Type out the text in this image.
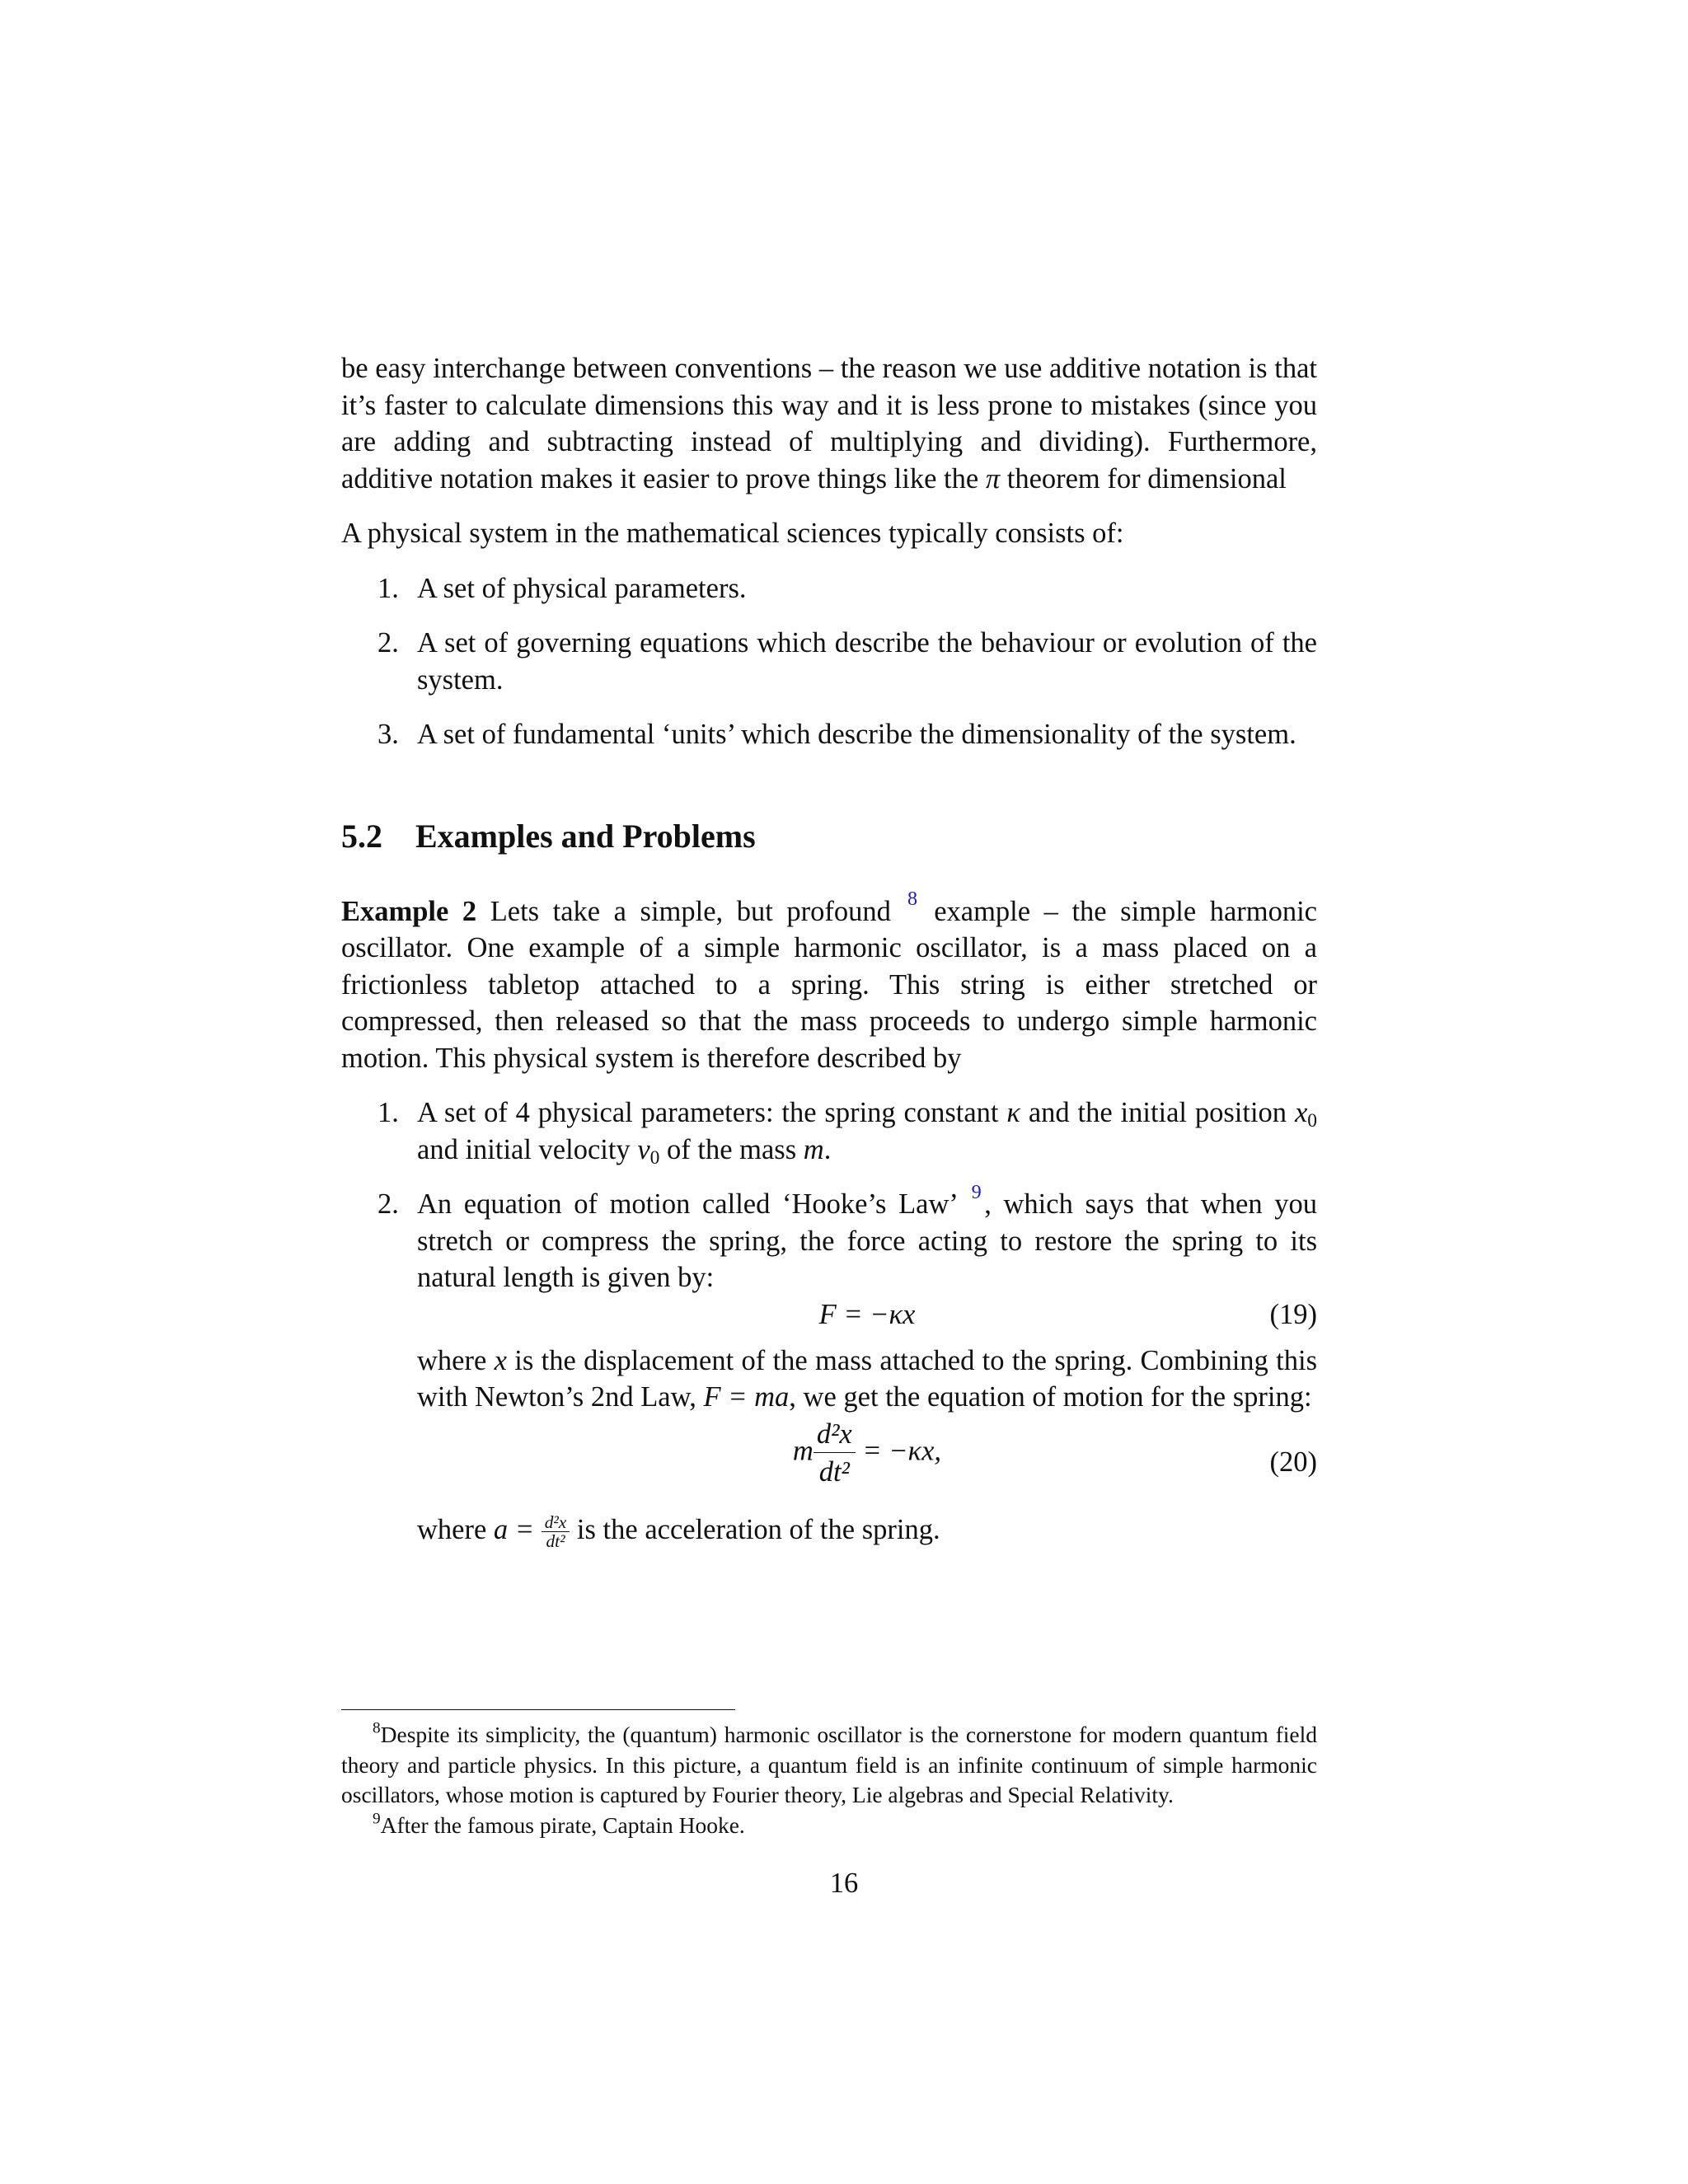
be easy interchange between conventions – the reason we use additive notation is that it’s faster to calculate dimensions this way and it is less prone to mistakes (since you are adding and subtracting instead of multiplying and dividing). Furthermore, additive notation makes it easier to prove things like the π theorem for dimensional

A physical system in the mathematical sciences typically consists of:

1. A set of physical parameters.
2. A set of governing equations which describe the behaviour or evolution of the system.
3. A set of fundamental ‘units’ which describe the dimensionality of the system.
5.2 Examples and Problems

Example 2 Lets take a simple, but profound $^8$ example – the simple harmonic oscillator. One example of a simple harmonic oscillator, is a mass placed on a frictionless tabletop attached to a spring. This string is either stretched or compressed, then released so that the mass proceeds to undergo simple harmonic motion. This physical system is therefore described by

1. A set of 4 physical parameters: the spring constant κ and the initial position $x_0$ and initial velocity $v_0$ of the mass m.
2. An equation of motion called ‘Hooke’s Law’ $^9$ , which says that when you stretch or compress the spring, the force acting to restore the spring to its natural length is given by:
F = −κx	(19)
where x is the displacement of the mass attached to the spring. Combining this with Newton’s 2nd Law, F = ma, we get the equation of motion for the spring:
m $\frac{\text{d²x}}{\text{dt²}} = -\kappa x$,	(20)
where $a = \frac{\text{d²x}}{\text{dt²}}$ is the acceleration of the spring.

$^8$Despite its simplicity, the (quantum) harmonic oscillator is the cornerstone for modern quantum field theory and particle physics. In this picture, a quantum field is an infinite continuum of simple harmonic oscillators, whose motion is captured by Fourier theory, Lie algebras and Special Relativity.

$^9$After the famous pirate, Captain Hooke.

16
